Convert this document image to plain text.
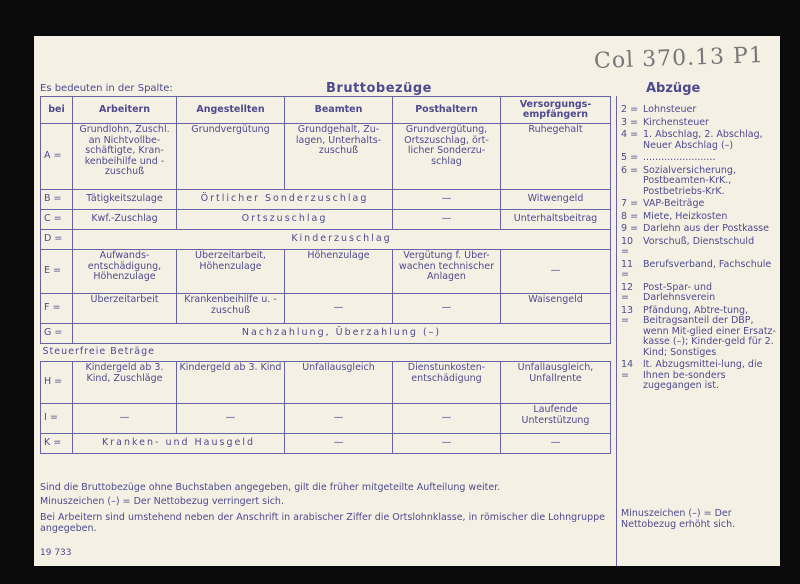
Col 370.13 P1
Es bedeuten in der Spalte:	Bruttobezüge	Abzüge
bei	Arbeitern	Angestellten	Beamten	Posthaltern	Versorgungs-empfängern
A =	Grundlohn, Zuschl. an Nichtvollbe-schäftigte, Kran-kenbeihilfe und -zuschuß	Grundvergütung	Grundgehalt, Zu-lagen, Unterhalts-zuschuß	Grundvergütung, Ortszuschlag, ört-licher Sonderzu-schlag	Ruhegehalt
B =	Tätigkeitszulage	Örtlicher Sonderzuschlag		—	Witwengeld
C =	Kwf.-Zuschlag	Ortszuschlag		—	Unterhaltsbeitrag
D =	Kinderzuschlag				
E =	Aufwands-entschädigung, Höhenzulage	Überzeitarbeit, Höhenzulage	Höhenzulage	Vergütung f. Über-wachen technischer Anlagen	—
F =	Überzeitarbeit	Krankenbeihilfe u. -zuschuß	—	—	Waisengeld
G =	Nachzahlung, Überzahlung (–)				
Steuerfreie Beträge					
H =	Kindergeld ab 3. Kind, Zuschläge	Kindergeld ab 3. Kind	Unfallausgleich	Dienstunkosten-entschädigung	Unfallausgleich, Unfallrente
I =	—	—	—	—	Laufende Unterstützung
K =	Kranken- und Hausgeld		—	—	—
2 = Lohnsteuer
3 = Kirchensteuer
4 = 1. Abschlag, 2. Abschlag, Neuer Abschlag (–)
5 = ........................
6 = Sozialversicherung, Postbeamten-KrK., Postbetriebs-KrK.
7 = VAP-Beiträge
8 = Miete, Heizkosten
9 = Darlehn aus der Postkasse
10 =
Vorschuß, Dienstschuld
11 =
Berufsverband, Fachschule
12 =
Post-Spar- und Darlehnsverein
13 =
Pfändung, Abtre-tung, Beitragsanteil der DBP, wenn Mit-glied einer Ersatz-kasse (–); Kinder-geld für 2. Kind; Sonstiges
14 =
lt. Abzugsmittei-lung, die Ihnen be-sonders zugegangen ist.
Minuszeichen (–) = Der Nettobezug erhöht sich.
Sind die Bruttobezüge ohne Buchstaben angegeben, gilt die früher mitgeteilte Aufteilung weiter.
Minuszeichen (–) = Der Nettobezug verringert sich.
Bei Arbeitern sind umstehend neben der Anschrift in arabischer Ziffer die Ortslohnklasse, in römischer die Lohngruppe angegeben.
19 733
